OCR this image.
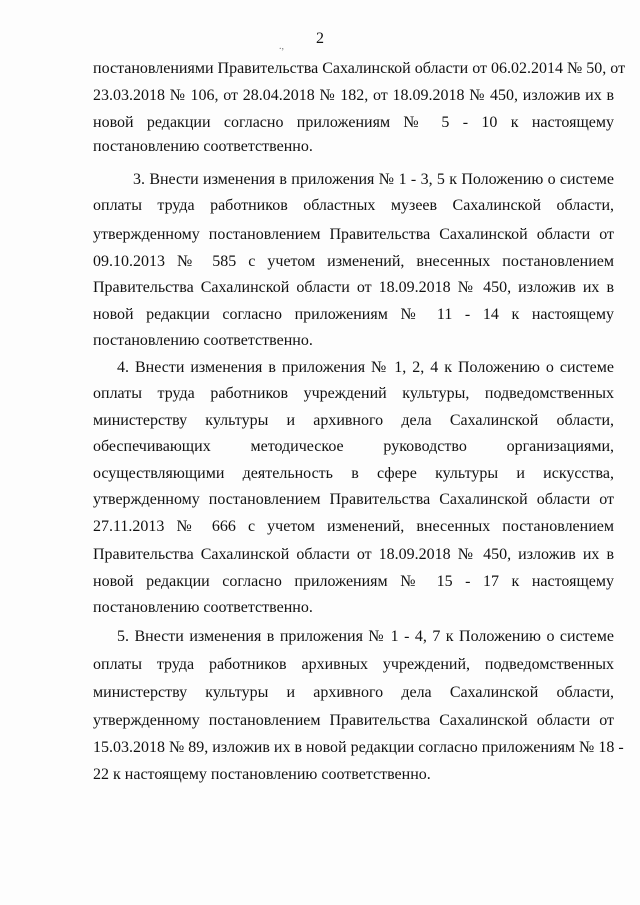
2
.,
постановлениями Правительства Сахалинской области от 06.02.2014 № 50, от
23.03.2018 № 106, от 28.04.2018 № 182, от 18.09.2018 № 450, изложив их в
новой редакции согласно приложениям № 5 - 10 к настоящему
постановлению соответственно.
3. Внести изменения в приложения № 1 - 3, 5 к Положению о системе
оплаты труда работников областных музеев Сахалинской области,
утвержденному постановлением Правительства Сахалинской области от
09.10.2013 № 585 с учетом изменений, внесенных постановлением
Правительства Сахалинской области от 18.09.2018 № 450, изложив их в
новой редакции согласно приложениям № 11 - 14 к настоящему
постановлению соответственно.
4. Внести изменения в приложения № 1, 2, 4 к Положению о системе
оплаты труда работников учреждений культуры, подведомственных
министерству культуры и архивного дела Сахалинской области,
обеспечивающих методическое руководство организациями,
осуществляющими деятельность в сфере культуры и искусства,
утвержденному постановлением Правительства Сахалинской области от
27.11.2013 № 666 с учетом изменений, внесенных постановлением
Правительства Сахалинской области от 18.09.2018 № 450, изложив их в
новой редакции согласно приложениям № 15 - 17 к настоящему
постановлению соответственно.
5. Внести изменения в приложения № 1 - 4, 7 к Положению о системе
оплаты труда работников архивных учреждений, подведомственных
министерству культуры и архивного дела Сахалинской области,
утвержденному постановлением Правительства Сахалинской области от
15.03.2018 № 89, изложив их в новой редакции согласно приложениям № 18 -
22 к настоящему постановлению соответственно.
